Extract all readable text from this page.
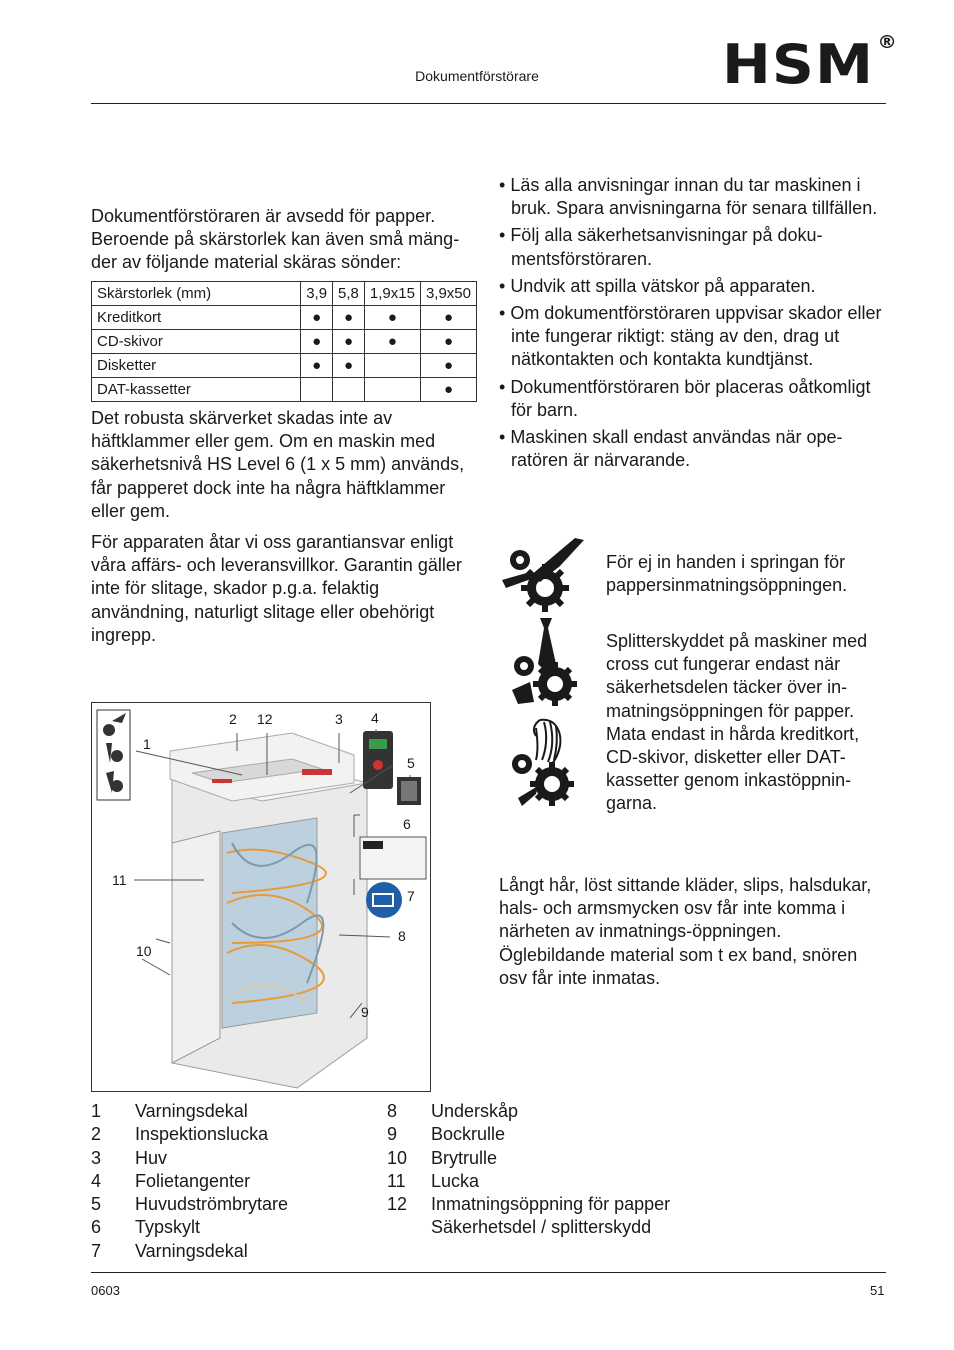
Dokumentförstörare	HSM ®

Dokumentförstöraren är avsedd för papper. Beroende på skärstorlek kan även små mängder av följande material skäras sönder:

Skärstorlek (mm)	3,9	5,8	1,9x15	3,9x50
Kreditkort	●	●	●	●
CD-skivor	●	●	●	●
Disketter	●	●		●
DAT-kassetter				●

Det robusta skärverket skadas inte av häftklammer eller gem. Om en maskin med säkerhetsnivå HS Level 6 (1 x 5 mm) används, får papperet dock inte ha några häftklammer eller gem.

För apparaten åtar vi oss garantiansvar enligt våra affärs- och leveransvillkor. Garantin gäller inte för slitage, skador p.g.a. felaktig användning, naturligt slitage eller obehörigt ingrepp.

• Läs alla anvisningar innan du tar maskinen i bruk. Spara anvisningarna för senara tillfällen.
• Följ alla säkerhetsanvisningar på dokumentsförstöraren.
• Undvik att spilla vätskor på apparaten.
• Om dokumentförstöraren uppvisar skador eller inte fungerar riktigt: stäng av den, drag ut nätkontakten och kontakta kundtjänst.
• Dokumentförstöraren bör placeras oåtkomligt för barn.
• Maskinen skall endast användas när operatören är närvarande.

För ej in handen i springan för pappersinmatningsöppningen.

Splitterskyddet på maskiner med cross cut fungerar endast när säkerhetsdelen täcker över inmatningsöppningen för papper. Mata endast in hårda kreditkort, CD-skivor, disketter eller DAT-kassetter genom inkastöppningarna.

Långt hår, löst sittande kläder, slips, halsdukar, hals- och armsmycken osv får inte komma i närheten av inmatnings-öppningen. Öglebildande material som t ex band, snören osv får inte inmatas.

1
2 12	3 4
5
6
7
8
9
10
11
1 Varningsdekal
2 Inspektionslucka
3 Huv
4 Folietangenter
5 Huvudströmbrytare
6 Typskylt
7 Varningsdekal
8 Underskåp
9 Bockrulle
10 Brytrulle
11 Lucka
12 Inmatningsöppning för papper
Säkerhetsdel / splitterskydd
0603	51
